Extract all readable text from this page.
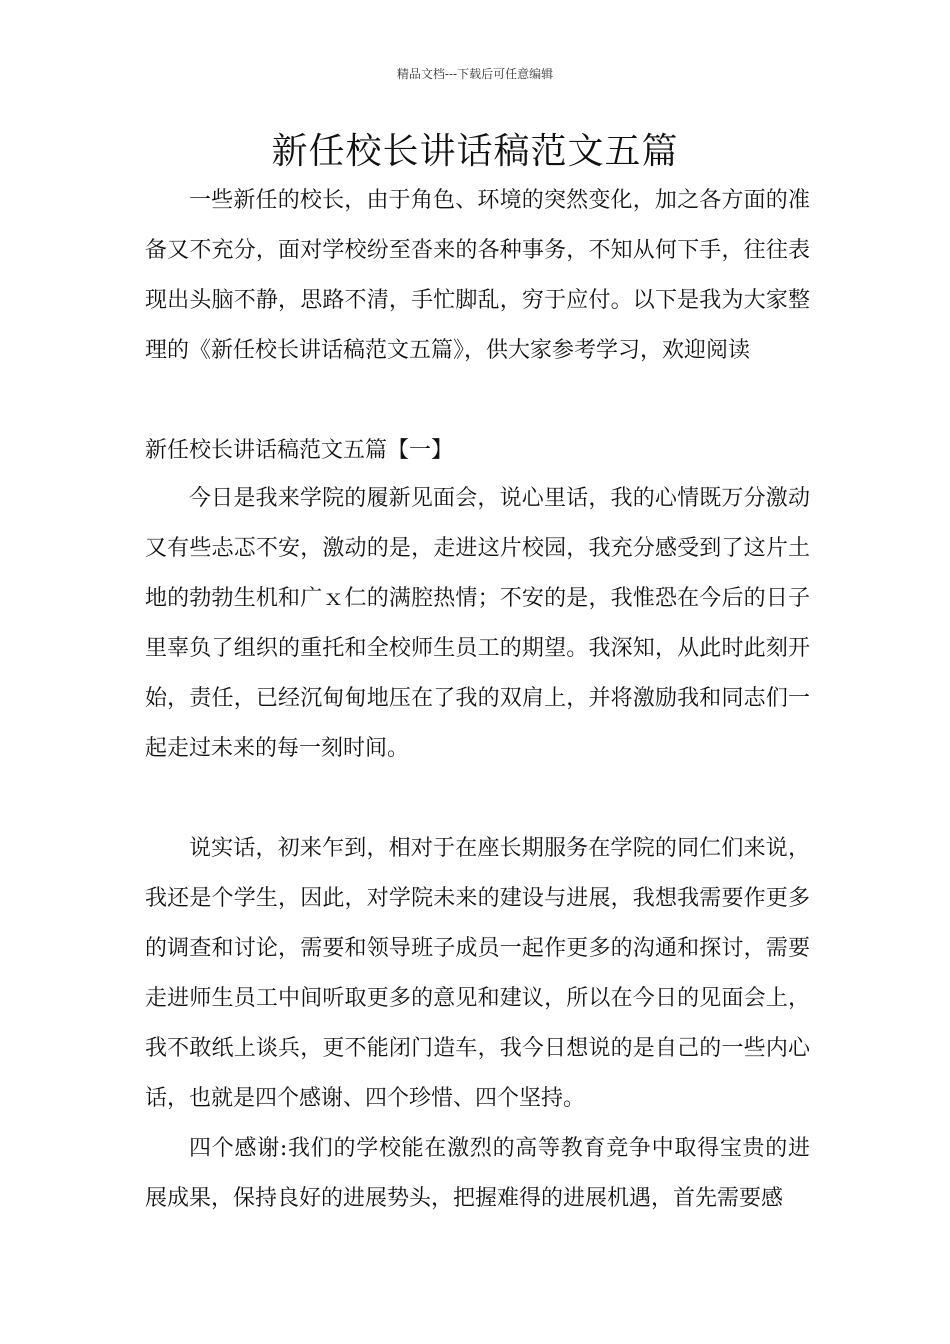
精品文档---下载后可任意编辑
新任校长讲话稿范文五篇

一些新任的校长，由于角色、环境的突然变化，加之各方面的准备又不充分，面对学校纷至沓来的各种事务，不知从何下手，往往表现出头脑不静，思路不清，手忙脚乱，穷于应付。以下是我为大家整理的《新任校长讲话稿范文五篇》，供大家参考学习，欢迎阅读

新任校长讲话稿范文五篇【一】

今日是我来学院的履新见面会，说心里话，我的心情既万分激动又有些忐忑不安，激动的是，走进这片校园，我充分感受到了这片土地的勃勃生机和广ｘ仁的满腔热情；不安的是，我惟恐在今后的日子里辜负了组织的重托和全校师生员工的期望。我深知，从此时此刻开始，责任，已经沉甸甸地压在了我的双肩上，并将激励我和同志们一起走过未来的每一刻时间。

说实话，初来乍到，相对于在座长期服务在学院的同仁们来说，我还是个学生，因此，对学院未来的建设与进展，我想我需要作更多的调查和讨论，需要和领导班子成员一起作更多的沟通和探讨，需要走进师生员工中间听取更多的意见和建议，所以在今日的见面会上，我不敢纸上谈兵，更不能闭门造车，我今日想说的是自己的一些内心话，也就是四个感谢、四个珍惜、四个坚持。

四个感谢:我们的学校能在激烈的高等教育竞争中取得宝贵的进展成果，保持良好的进展势头，把握难得的进展机遇，首先需要感
